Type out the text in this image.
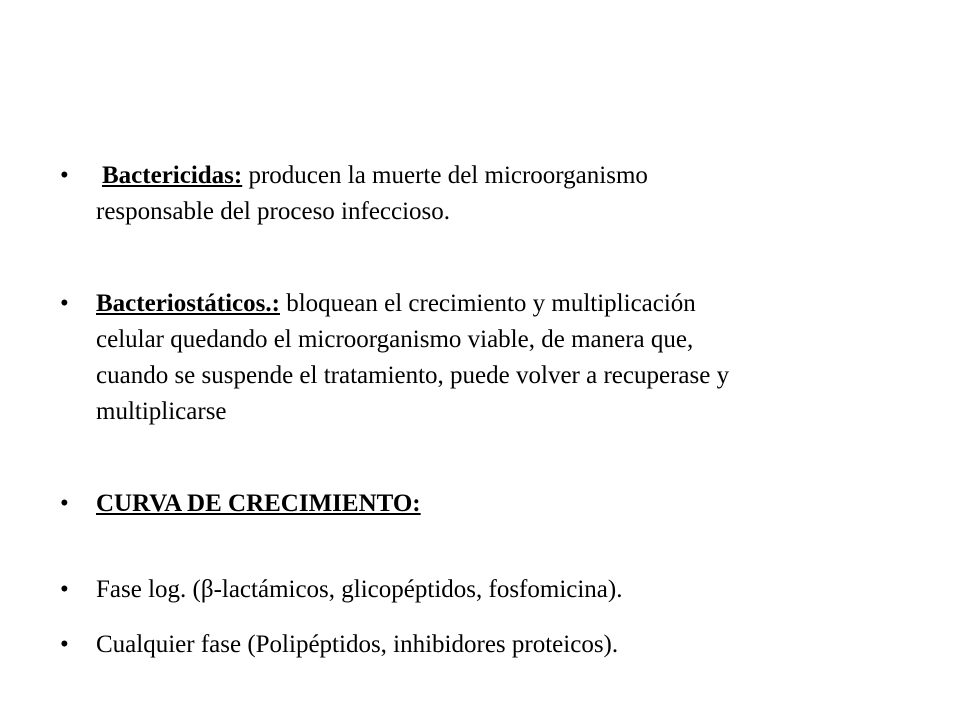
•	Bactericidas: producen la muerte del microorganismo
responsable del proceso infeccioso.
•	Bacteriostáticos.: bloquean el crecimiento y multiplicación
celular quedando el microorganismo viable, de manera que,
cuando se suspende el tratamiento, puede volver a recuperase y
multiplicarse
•	CURVA DE CRECIMIENTO:
•	Fase log. (β-lactámicos, glicopéptidos, fosfomicina).
•	Cualquier fase (Polipéptidos, inhibidores proteicos).
